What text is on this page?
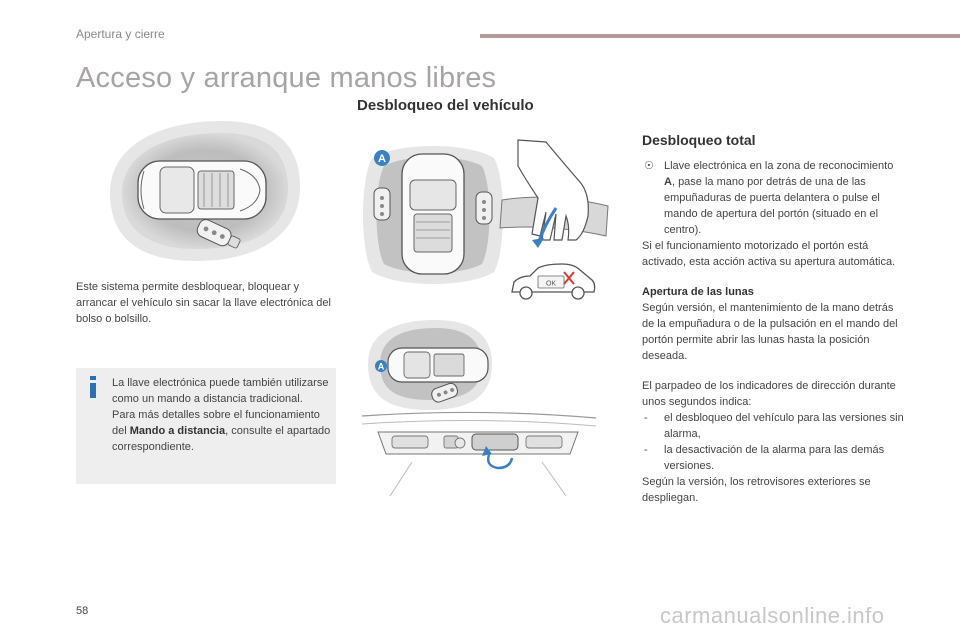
Apertura y cierre
Acceso y arranque manos libres
Desbloqueo del vehículo
A
OK
A

Este sistema permite desbloquear, bloquear y arrancar el vehículo sin sacar la llave electrónica del bolso o bolsillo.

La llave electrónica puede también utilizarse como un mando a distancia tradicional.
Para más detalles sobre el funcionamiento del Mando a distancia, consulte el apartado correspondiente.
Desbloqueo total
☉ Llave electrónica en la zona de reconocimiento A, pase la mano por detrás de una de las empuñaduras de puerta delantera o pulse el mando de apertura del portón (situado en el centro).

Si el funcionamiento motorizado el portón está activado, esta acción activa su apertura automática.

Apertura de las lunas

Según versión, el mantenimiento de la mano detrás de la empuñadura o de la pulsación en el mando del portón permite abrir las lunas hasta la posición deseada.

El parpadeo de los indicadores de dirección durante unos segundos indica:

- el desbloqueo del vehículo para las versiones sin alarma,
- la desactivación de la alarma para las demás versiones.

Según la versión, los retrovisores exteriores se despliegan.

58	carmanualsonline.info
